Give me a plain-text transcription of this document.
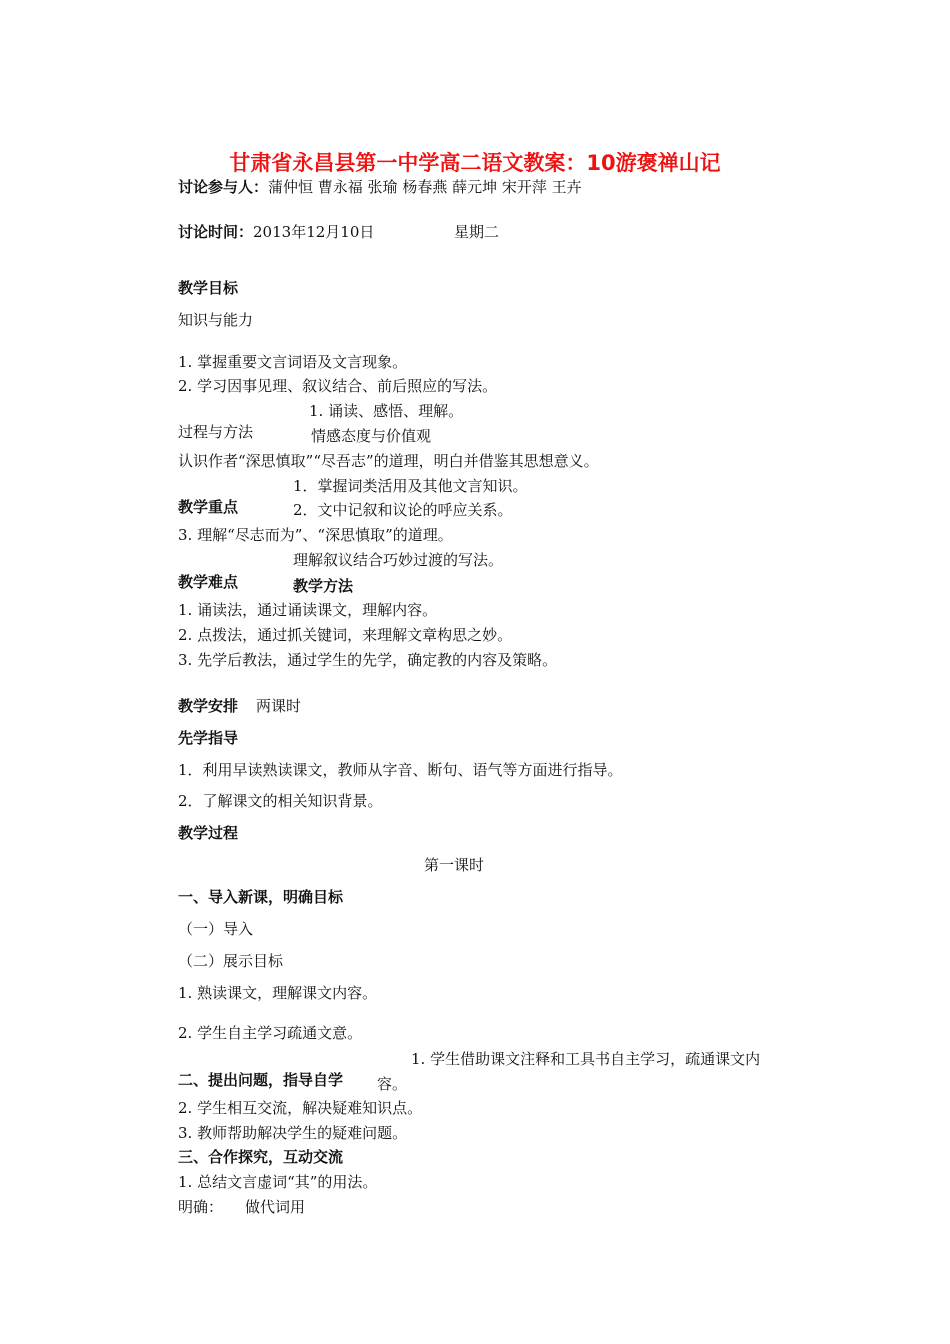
甘肃省永昌县第一中学高二语文教案：10游褒禅山记
讨论参与人：蒲仲恒 曹永福 张瑜 杨春燕 薛元坤 宋开萍 王卉
讨论时间：2013年12月10日	星期二
教学目标
知识与能力
1. 掌握重要文言词语及文言现象。
2. 学习因事见理、叙议结合、前后照应的写法。
1. 诵读、感悟、理解。
过程与方法	情感态度与价值观
认识作者“深思慎取”“尽吾志”的道理，明白并借鉴其思想意义。
1．掌握词类活用及其他文言知识。
教学重点	2．文中记叙和议论的呼应关系。
3. 理解“尽志而为”、“深思慎取”的道理。
理解叙议结合巧妙过渡的写法。
教学难点	教学方法
1. 诵读法，通过诵读课文，理解内容。
2. 点拨法，通过抓关键词，来理解文章构思之妙。
3. 先学后教法，通过学生的先学，确定教的内容及策略。
教学安排 两课时
先学指导
1．利用早读熟读课文，教师从字音、断句、语气等方面进行指导。
2．了解课文的相关知识背景。
教学过程
第一课时
一、导入新课，明确目标
（一）导入
（二）展示目标
1. 熟读课文，理解课文内容。
2. 学生自主学习疏通文意。
1. 学生借助课文注释和工具书自主学习，疏通课文内
二、提出问题，指导自学 容。
2. 学生相互交流，解决疑难知识点。
3. 教师帮助解决学生的疑难问题。
三、合作探究，互动交流
1. 总结文言虚词“其”的用法。
明确： 做代词用
